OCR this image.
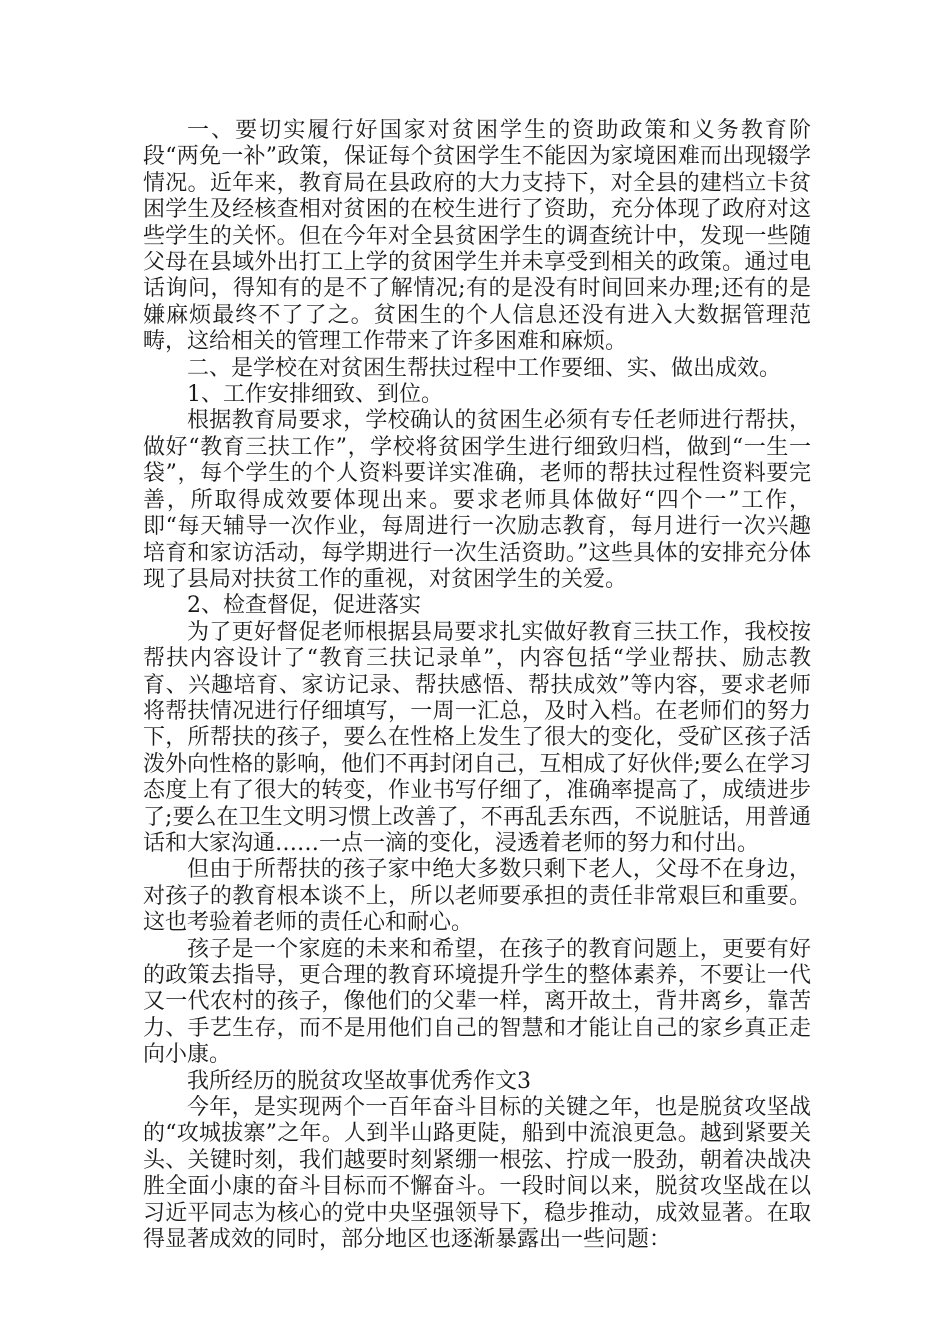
一、要切实履行好国家对贫困学生的资助政策和义务教育阶段“两免一补”政策，保证每个贫困学生不能因为家境困难而出现辍学情况。近年来，教育局在县政府的大力支持下，对全县的建档立卡贫困学生及经核查相对贫困的在校生进行了资助，充分体现了政府对这些学生的关怀。但在今年对全县贫困学生的调查统计中，发现一些随父母在县域外出打工上学的贫困学生并未享受到相关的政策。通过电话询问，得知有的是不了解情况;有的是没有时间回来办理;还有的是嫌麻烦最终不了了之。贫困生的个人信息还没有进入大数据管理范畴，这给相关的管理工作带来了许多困难和麻烦。

二、是学校在对贫困生帮扶过程中工作要细、实、做出成效。

1、工作安排细致、到位。

根据教育局要求，学校确认的贫困生必须有专任老师进行帮扶，做好“教育三扶工作”，学校将贫困学生进行细致归档，做到“一生一袋”，每个学生的个人资料要详实准确，老师的帮扶过程性资料要完善，所取得成效要体现出来。要求老师具体做好“四个一”工作，即“每天辅导一次作业，每周进行一次励志教育，每月进行一次兴趣培育和家访活动，每学期进行一次生活资助。”这些具体的安排充分体现了县局对扶贫工作的重视，对贫困学生的关爱。

2、检查督促，促进落实

为了更好督促老师根据县局要求扎实做好教育三扶工作，我校按帮扶内容设计了“教育三扶记录单”，内容包括“学业帮扶、励志教育、兴趣培育、家访记录、帮扶感悟、帮扶成效”等内容，要求老师将帮扶情况进行仔细填写，一周一汇总，及时入档。在老师们的努力下，所帮扶的孩子，要么在性格上发生了很大的变化，受矿区孩子活泼外向性格的影响，他们不再封闭自己，互相成了好伙伴;要么在学习态度上有了很大的转变，作业书写仔细了，准确率提高了，成绩进步了;要么在卫生文明习惯上改善了，不再乱丢东西，不说脏话，用普通话和大家沟通……一点一滴的变化，浸透着老师的努力和付出。

但由于所帮扶的孩子家中绝大多数只剩下老人，父母不在身边，对孩子的教育根本谈不上，所以老师要承担的责任非常艰巨和重要。这也考验着老师的责任心和耐心。

孩子是一个家庭的未来和希望，在孩子的教育问题上，更要有好的政策去指导，更合理的教育环境提升学生的整体素养，不要让一代又一代农村的孩子，像他们的父辈一样，离开故土，背井离乡，靠苦力、手艺生存，而不是用他们自己的智慧和才能让自己的家乡真正走向小康。

我所经历的脱贫攻坚故事优秀作文3

今年，是实现两个一百年奋斗目标的关键之年，也是脱贫攻坚战的“攻城拔寨”之年。人到半山路更陡，船到中流浪更急。越到紧要关头、关键时刻，我们越要时刻紧绷一根弦、拧成一股劲，朝着决战决胜全面小康的奋斗目标而不懈奋斗。一段时间以来，脱贫攻坚战在以习近平同志为核心的党中央坚强领导下，稳步推动，成效显著。在取得显著成效的同时，部分地区也逐渐暴露出一些问题：
